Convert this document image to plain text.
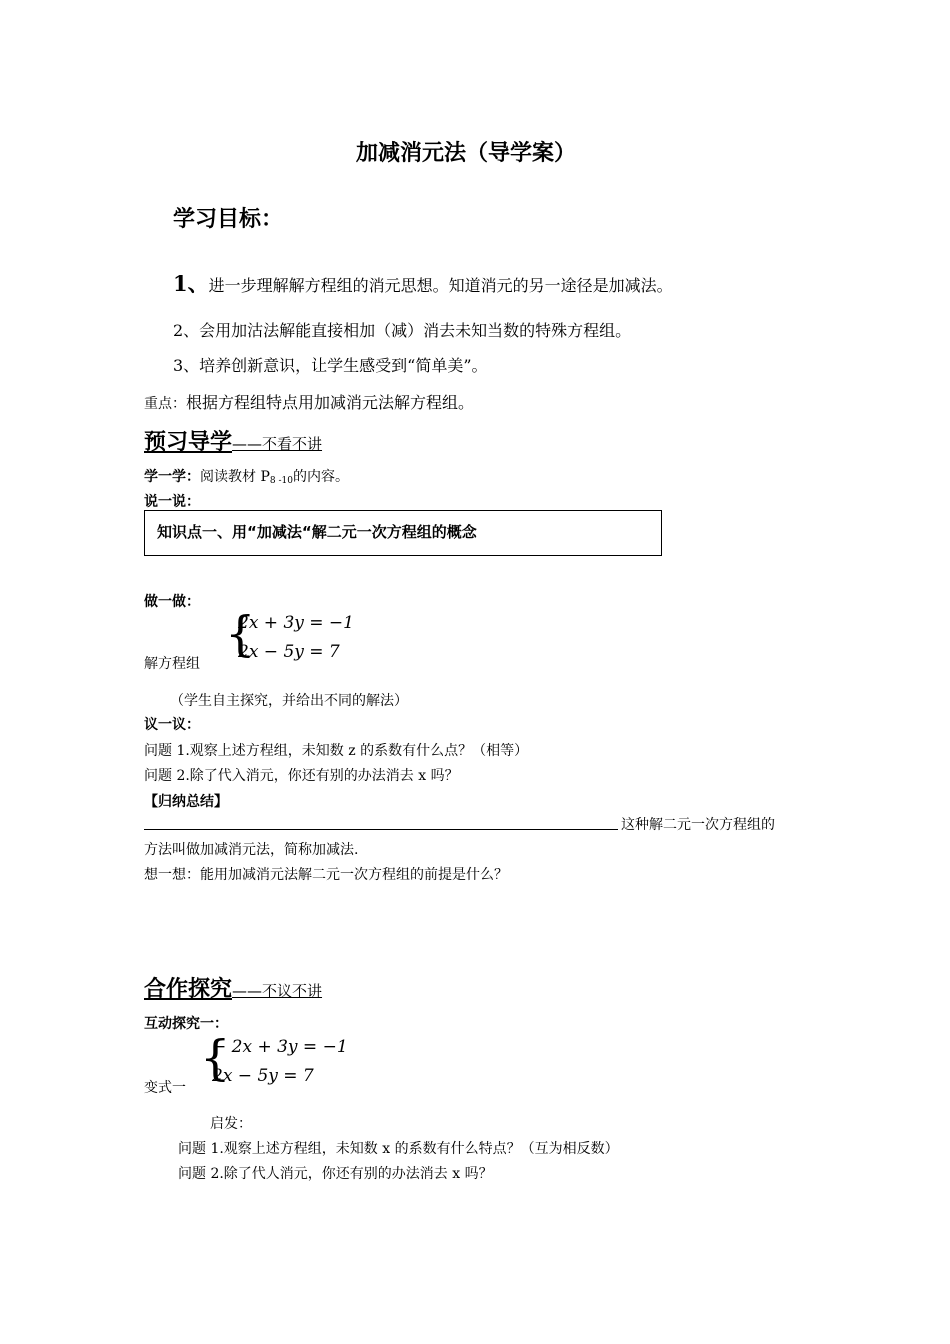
加减消元法（导学案）
学习目标：
1、进一步理解解方程组的消元思想。知道消元的另一途径是加减法。
2、会用加沽法解能直接相加（减）消去未知当数的特殊方程组。
3、培养创新意识，让学生感受到“简单美”。
重点：根据方程组特点用加减消元法解方程组。
预习导学——不看不讲
学一学：阅读教材 $P_{8 -10}$的内容。
说一说：
知识点一、用“加减法“解二元一次方程组的概念
做一做：
解方程组
{
2x + 3y = −1
2x − 5y = 7
（学生自主探究，并给出不同的解法）
议一议：
问题 1.观察上述方程组，未知数 z 的系数有什么点？（相等）
问题 2.除了代入消元，你还有别的办法消去 x 吗？
【归纳总结】
这种解二元一次方程组的
方法叫做加减消元法，简称加减法.
想一想：能用加减消元法解二元一次方程组的前提是什么？
合作探究——不议不讲
互动探究一：
变式一
{
− 2x + 3y = −1
2x − 5y = 7
启发：
问题 1.观察上述方程组，未知数 x 的系数有什么特点？（互为相反数）
问题 2.除了代人消元，你还有别的办法消去 x 吗？
